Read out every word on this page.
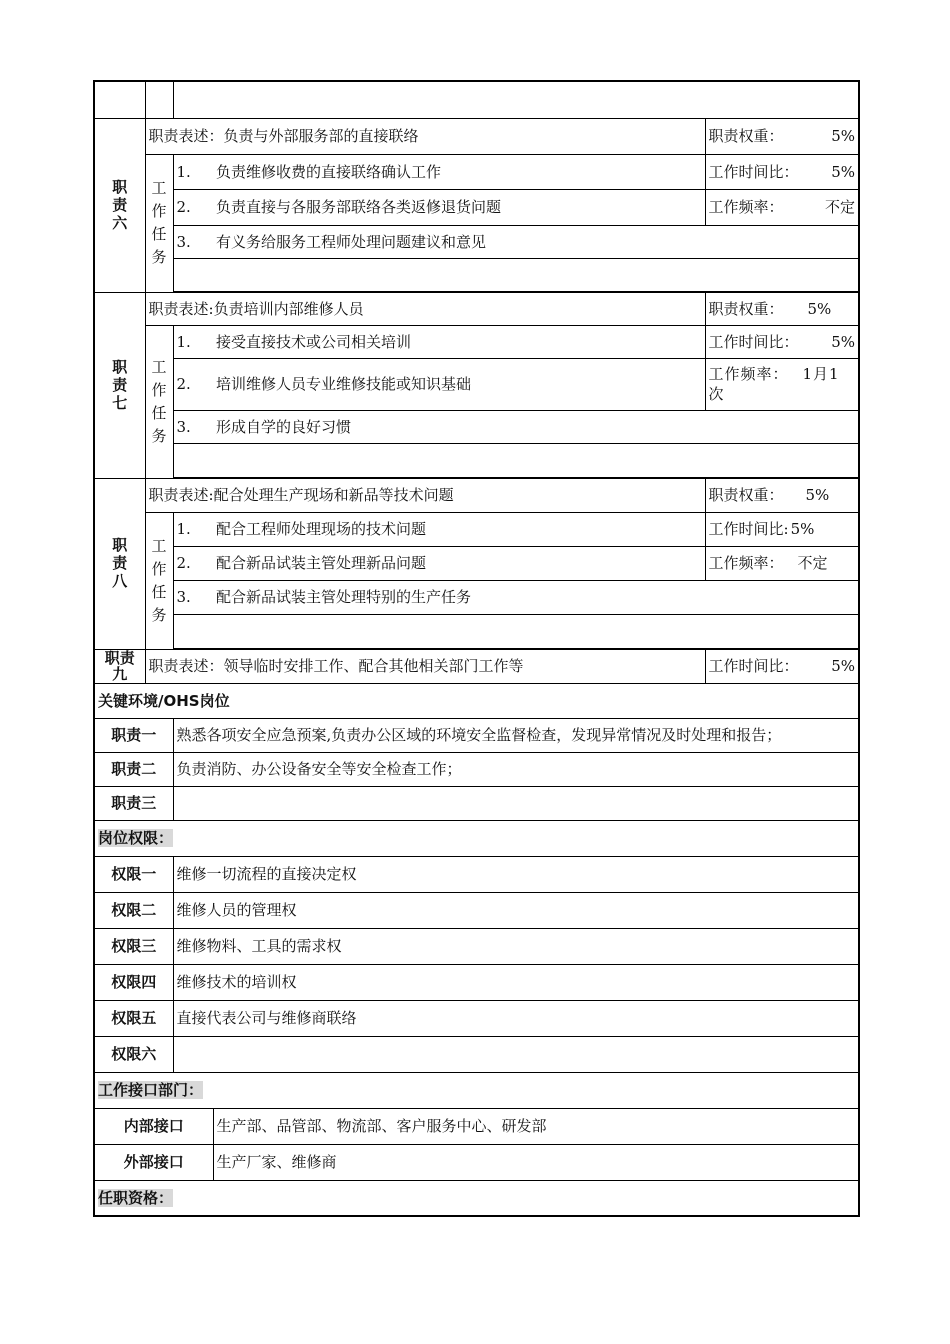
职责六	职责表述：负责与外部服务部的直接联络			职责权重： 5%

	工作任务	1.	负责维修收费的直接联络确认工作	工作时间比： 5%

		2.	负责直接与各服务部联络各类返修退货问题	工作频率： 不定

		3.	有义务给服务工程师处理问题建议和意见	

职责七	职责表述:负责培训内部维修人员			职责权重： 5%
	工作任务	1.	接受直接技术或公司相关培训	工作时间比： 5%

		2.	培训维修人员专业维修技能或知识基础	工作频率： 1月1次
		3.	形成自学的良好习惯	

职责八	职责表述:配合处理生产现场和新品等技术问题			职责权重： 5%
	工作任务	1.	配合工程师处理现场的技术问题	工作时间比: 5%
		2.	配合新品试装主管处理新品问题	工作频率： 不定
		3.	配合新品试装主管处理特别的生产任务	

职责九	职责表述：领导临时安排工作、配合其他相关部门工作等			工作时间比： 5%

关键环境/OHS岗位				
职责一		熟悉各项安全应急预案,负责办公区域的环境安全监督检查，发现异常情况及时处理和报告；		
职责二		负责消防、办公设备安全等安全检查工作；		
职责三				
岗位权限：				
权限一		维修一切流程的直接决定权		
权限二		维修人员的管理权		
权限三		维修物料、工具的需求权		
权限四		维修技术的培训权		
权限五		直接代表公司与维修商联络		
权限六				
工作接口部门：				
内部接口			生产部、品管部、物流部、客户服务中心、研发部	
外部接口			生产厂家、维修商	
任职资格：				
